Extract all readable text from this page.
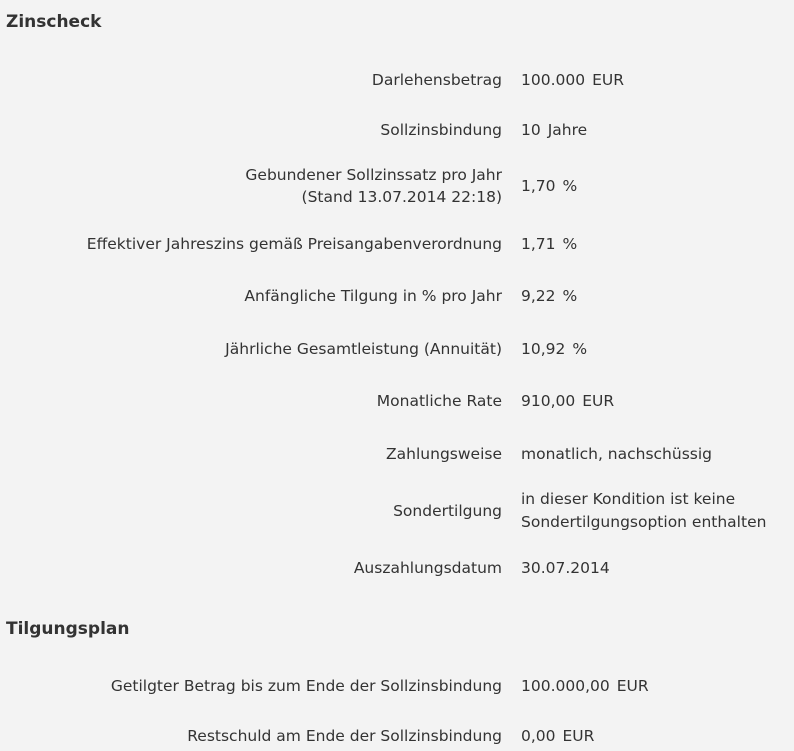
Zinscheck
Darlehensbetrag 100.000 EUR
Sollzinsbindung 10 Jahre
Gebundener Sollzinssatz pro Jahr
(Stand 13.07.2014 22:18)
1,70 %
Effektiver Jahreszins gemäß Preisangabenverordnung 1,71 %
Anfängliche Tilgung in % pro Jahr 9,22 %
Jährliche Gesamtleistung (Annuität) 10,92 %
Monatliche Rate 910,00 EUR
Zahlungsweise monatlich, nachschüssig
Sondertilgung
in dieser Kondition ist keine
Sondertilgungsoption enthalten
Auszahlungsdatum 30.07.2014
Tilgungsplan
Getilgter Betrag bis zum Ende der Sollzinsbindung 100.000,00 EUR
Restschuld am Ende der Sollzinsbindung 0,00 EUR
